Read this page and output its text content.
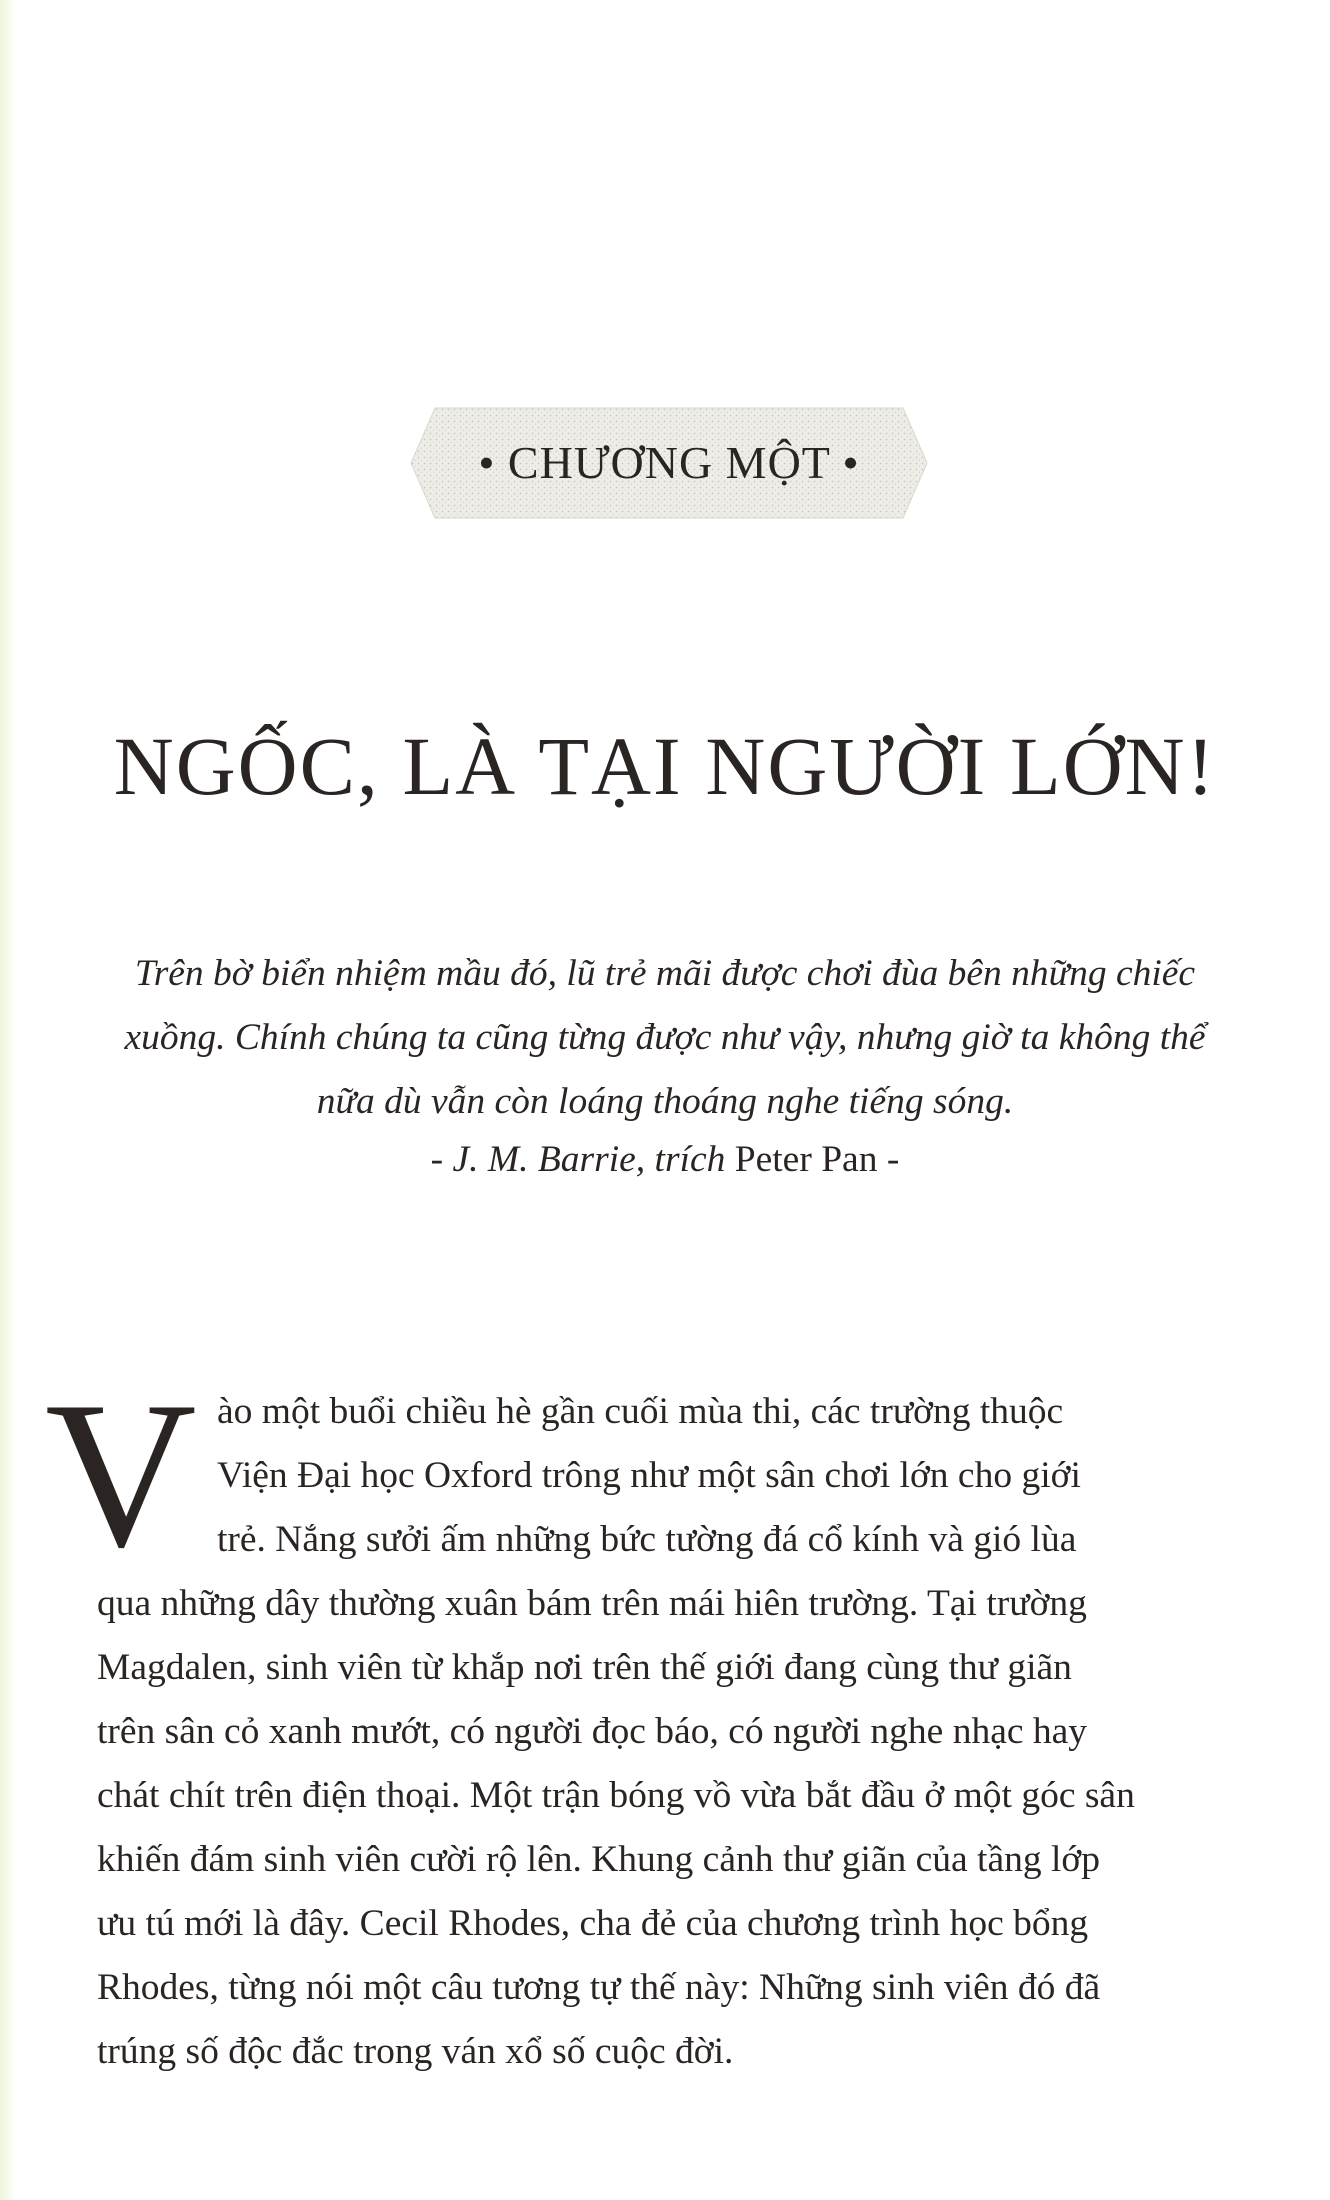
• CHƯƠNG MỘT •
NGỐC, LÀ TẠI NGƯỜI LỚN!
Trên bờ biển nhiệm mầu đó, lũ trẻ mãi được chơi đùa bên những chiếc
xuồng. Chính chúng ta cũng từng được như vậy, nhưng giờ ta không thể
nữa dù vẫn còn loáng thoáng nghe tiếng sóng.
- J. M. Barrie, trích Peter Pan -
V ào một buổi chiều hè gần cuối mùa thi, các trường thuộc
Viện Đại học Oxford trông như một sân chơi lớn cho giới
trẻ. Nắng sưởi ấm những bức tường đá cổ kính và gió lùa
qua những dây thường xuân bám trên mái hiên trường. Tại trường
Magdalen, sinh viên từ khắp nơi trên thế giới đang cùng thư giãn
trên sân cỏ xanh mướt, có người đọc báo, có người nghe nhạc hay
chát chít trên điện thoại. Một trận bóng vồ vừa bắt đầu ở một góc sân
khiến đám sinh viên cười rộ lên. Khung cảnh thư giãn của tầng lớp
ưu tú mới là đây. Cecil Rhodes, cha đẻ của chương trình học bổng
Rhodes, từng nói một câu tương tự thế này: Những sinh viên đó đã
trúng số độc đắc trong ván xổ số cuộc đời.
